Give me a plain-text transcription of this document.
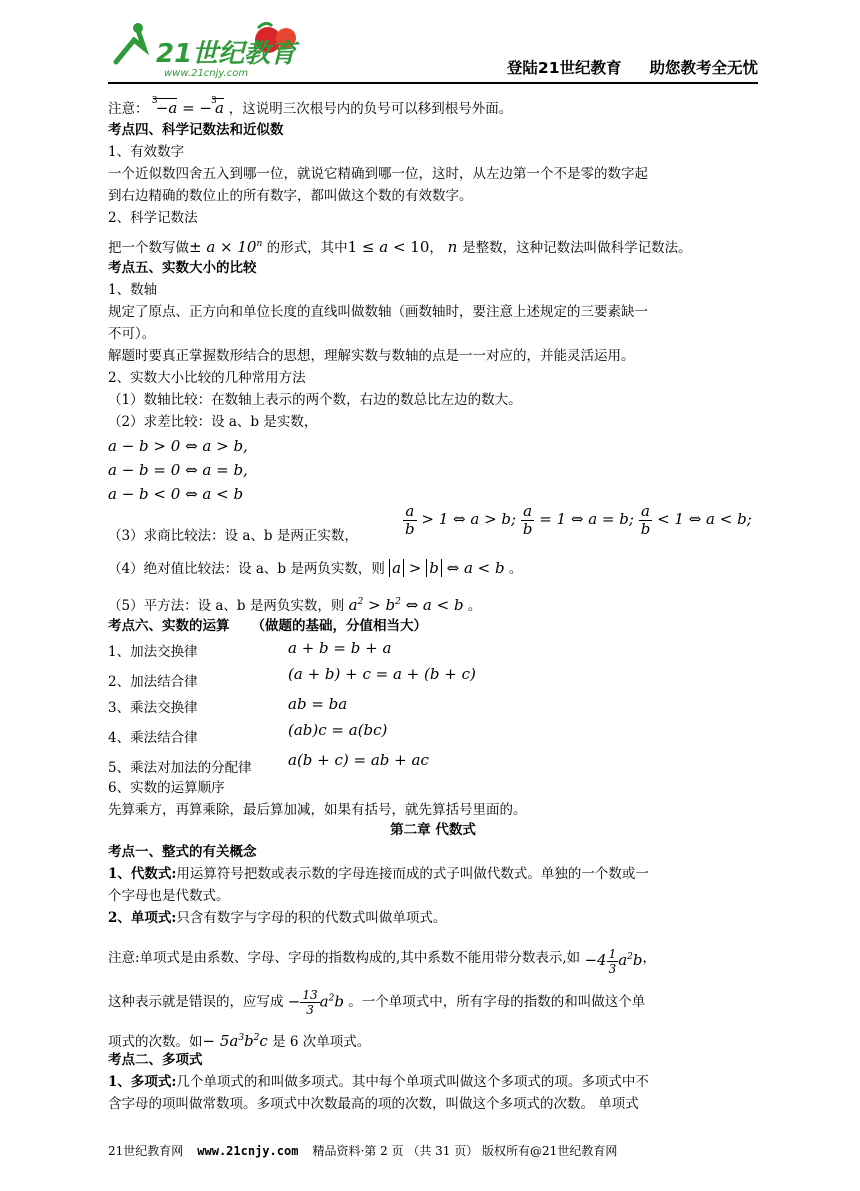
21世纪教育
www.21cnjy.com	登陆21世纪教育 助您教考全无忧
注意： 3
−a = − 3
a ，这说明三次根号内的负号可以移到根号外面。
考点四、科学记数法和近似数
1、有效数字
一个近似数四舍五入到哪一位，就说它精确到哪一位，这时，从左边第一个不是零的数字起
到右边精确的数位止的所有数字，都叫做这个数的有效数字。
2、科学记数法
把一个数写做± $a \times 10^n$ 的形式，其中1 ≤ a < 10， n 是整数，这种记数法叫做科学记数法。
考点五、实数大小的比较
1、数轴
规定了原点、正方向和单位长度的直线叫做数轴（画数轴时，要注意上述规定的三要素缺一
不可）。
解题时要真正掌握数形结合的思想，理解实数与数轴的点是一一对应的，并能灵活运用。
2、实数大小比较的几种常用方法
（1）数轴比较：在数轴上表示的两个数，右边的数总比左边的数大。
（2）求差比较：设 a、b 是实数，
a − b > 0 ⇔ a > b,
a − b = 0 ⇔ a = b,
a − b < 0 ⇔ a < b
（3）求商比较法：设 a、b 是两正实数，	$\frac{a}{b} > 1$ ⇔ a > b; $\frac{a}{b} = 1$ ⇔ a = b; $\frac{a}{b} < 1$ ⇔ a < b;
（4）绝对值比较法：设 a、b 是两负实数，则 a > b ⇔ a < b 。
（5）平方法：设 a、b 是两负实数，则 $a^2 > b^2$ ⇔ a < b 。
考点六、实数的运算 （做题的基础，分值相当大）
1、加法交换律	a + b = b + a
2、加法结合律	(a + b) + c = a + (b + c)
3、乘法交换律	ab = ba
4、乘法结合律	(ab)c = a(bc)
5、乘法对加法的分配律 a(b + c) = ab + ac
6、实数的运算顺序
先算乘方，再算乘除，最后算加减，如果有括号，就先算括号里面的。
第二章 代数式
考点一、整式的有关概念
1、代数式:用运算符号把数或表示数的字母连接而成的式子叫做代数式。单独的一个数或一
个字母也是代数式。
2、单项式:只含有数字与字母的积的代数式叫做单项式。
注意:单项式是由系数、字母、字母的指数构成的,其中系数不能用带分数表示,如 $-4 \frac{1}{3} a^2b$，
这种表示就是错误的，应写成 − $\frac{13}{3} a^2b$ 。一个单项式中，所有字母的指数的和叫做这个单
项式的次数。如− $5a^3b^2c$ 是 6 次单项式。
考点二、多项式
1、多项式:几个单项式的和叫做多项式。其中每个单项式叫做这个多项式的项。多项式中不
含字母的项叫做常数项。多项式中次数最高的项的次数，叫做这个多项式的次数。 单项式
21世纪教育网 www.21cnjy.com 精品资料·第 2 页 （共 31 页） 版权所有@21世纪教育网
